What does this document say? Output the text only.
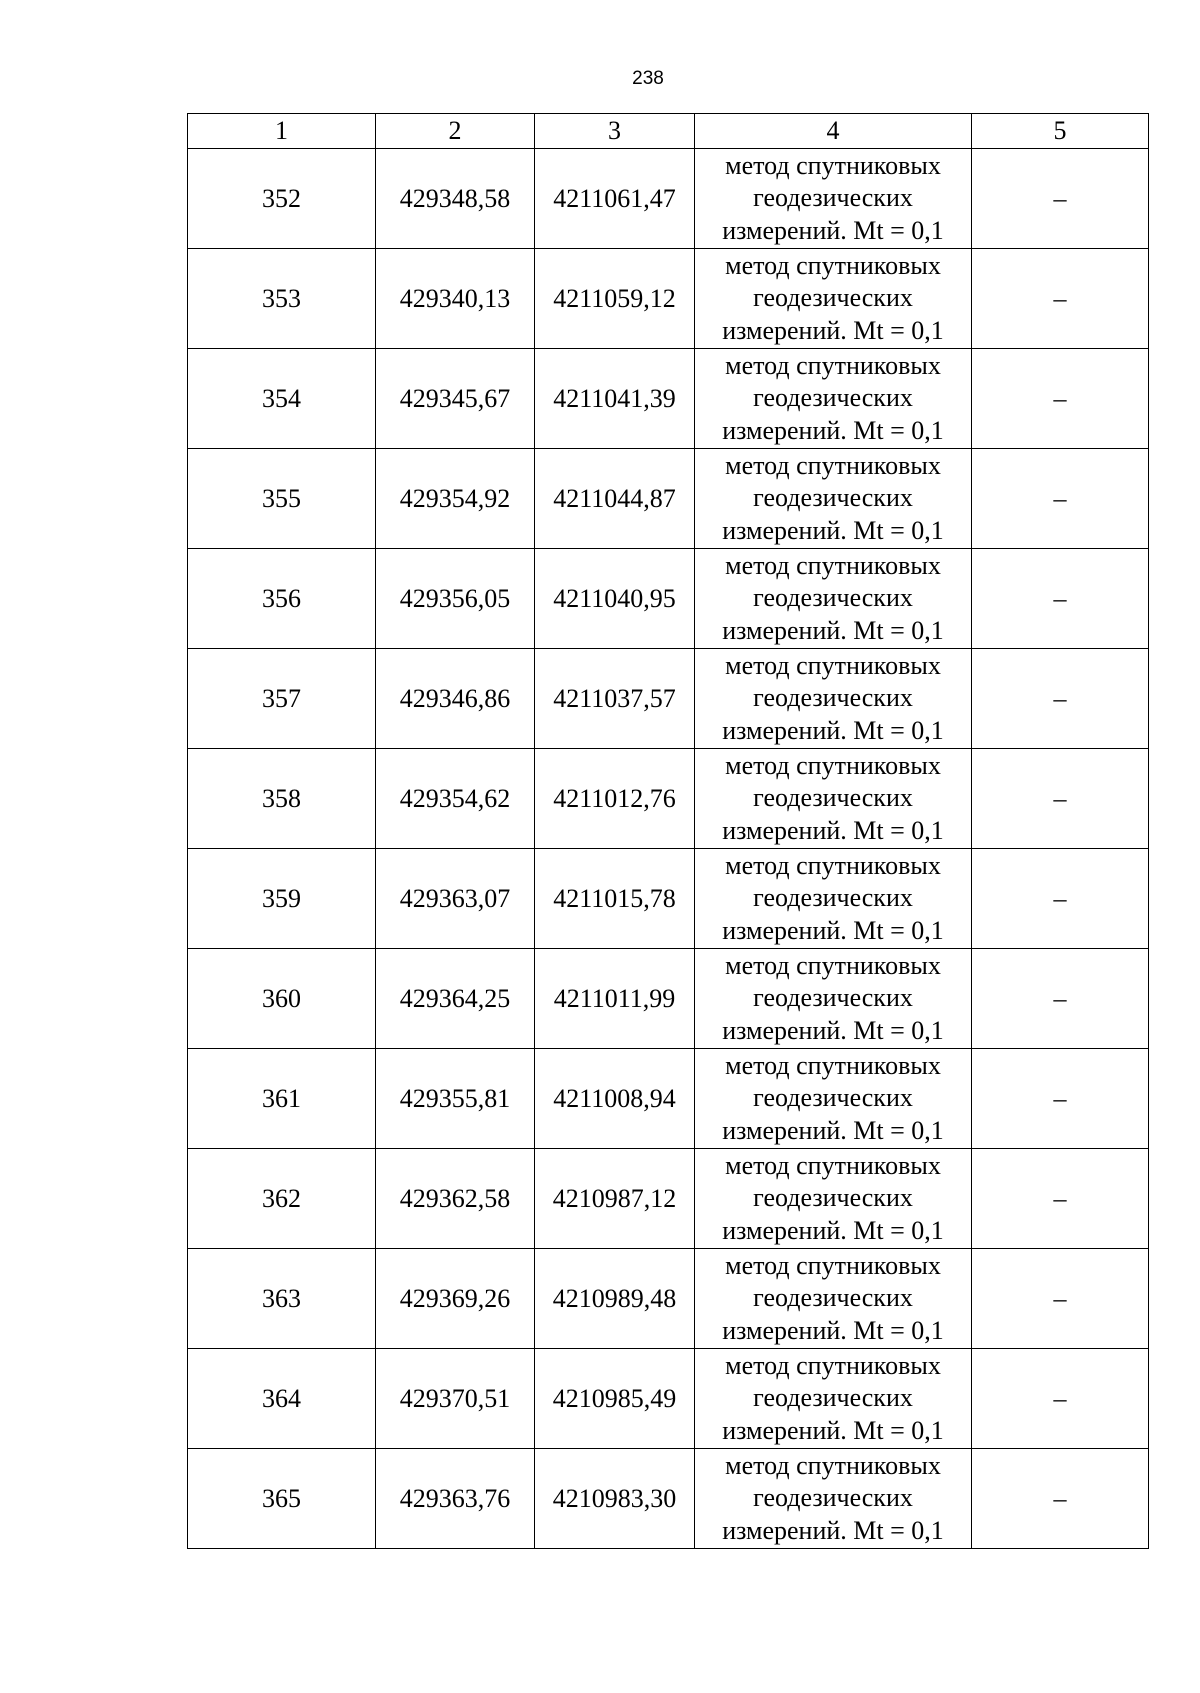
238
1	2	3	4	5
352	429348,58	4211061,47	метод спутниковых
геодезических
измерений. Mt = 0,1	–
353	429340,13	4211059,12	метод спутниковых
геодезических
измерений. Mt = 0,1	–
354	429345,67	4211041,39	метод спутниковых
геодезических
измерений. Mt = 0,1	–
355	429354,92	4211044,87	метод спутниковых
геодезических
измерений. Mt = 0,1	–
356	429356,05	4211040,95	метод спутниковых
геодезических
измерений. Mt = 0,1	–
357	429346,86	4211037,57	метод спутниковых
геодезических
измерений. Mt = 0,1	–
358	429354,62	4211012,76	метод спутниковых
геодезических
измерений. Mt = 0,1	–
359	429363,07	4211015,78	метод спутниковых
геодезических
измерений. Mt = 0,1	–
360	429364,25	4211011,99	метод спутниковых
геодезических
измерений. Mt = 0,1	–
361	429355,81	4211008,94	метод спутниковых
геодезических
измерений. Mt = 0,1	–
362	429362,58	4210987,12	метод спутниковых
геодезических
измерений. Mt = 0,1	–
363	429369,26	4210989,48	метод спутниковых
геодезических
измерений. Mt = 0,1	–
364	429370,51	4210985,49	метод спутниковых
геодезических
измерений. Mt = 0,1	–
365	429363,76	4210983,30	метод спутниковых
геодезических
измерений. Mt = 0,1	–
